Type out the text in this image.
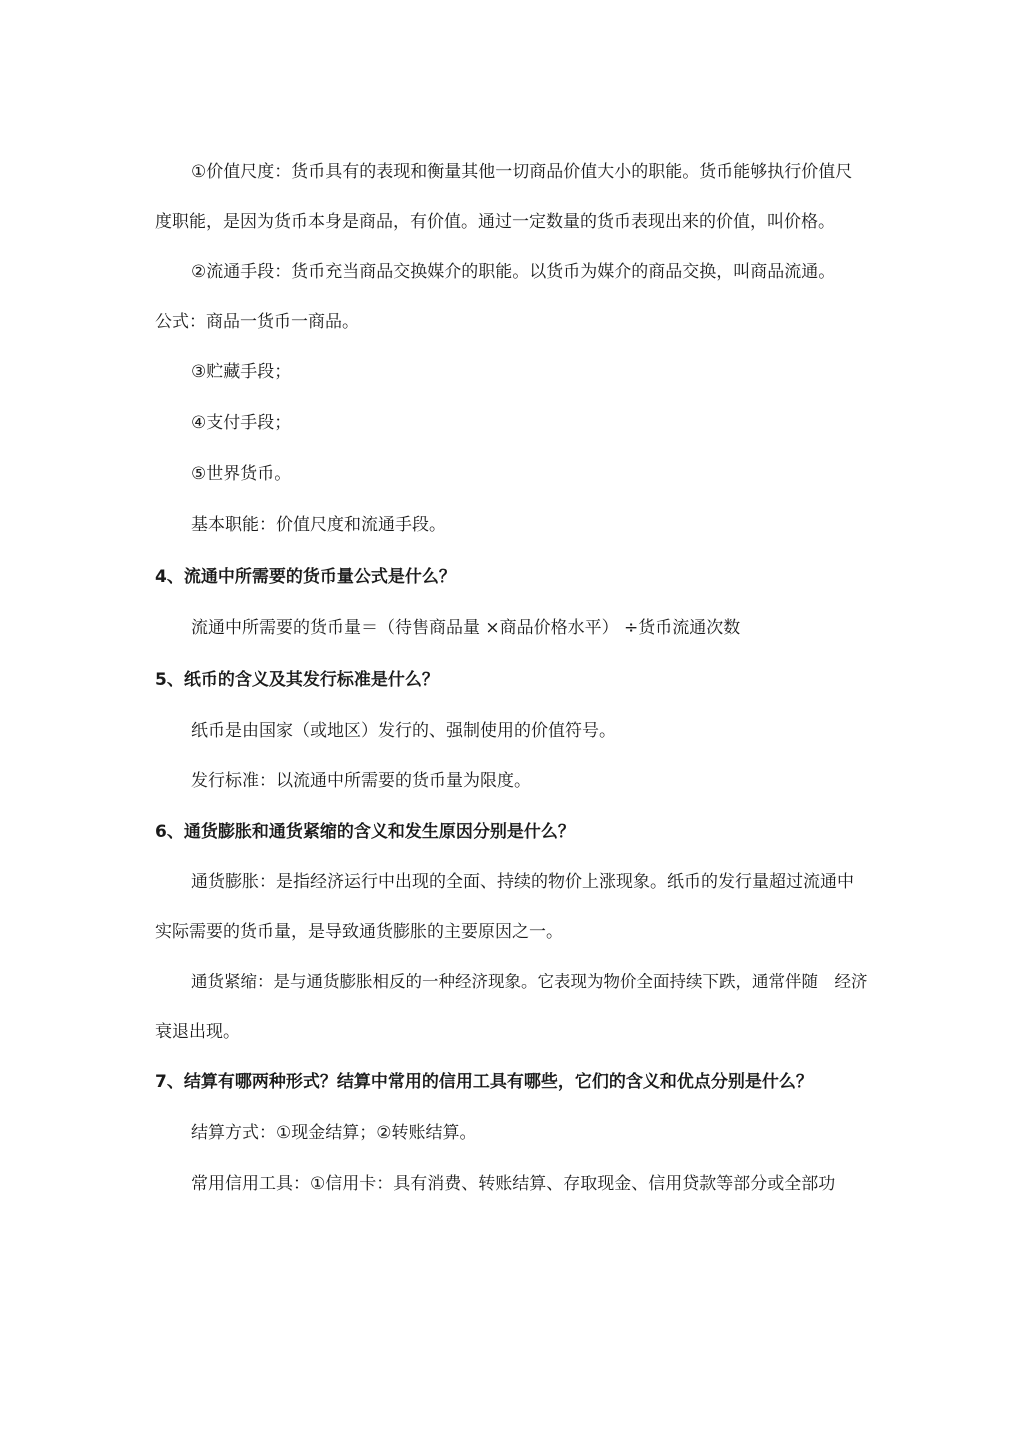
①价值尺度：货币具有的表现和衡量其他一切商品价值大小的职能。货币能够执行价值尺
度职能，是因为货币本身是商品，有价值。通过一定数量的货币表现出来的价值，叫价格。
②流通手段：货币充当商品交换媒介的职能。以货币为媒介的商品交换，叫商品流通。
公式：商品一货币一商品。
③贮藏手段；
④支付手段；
⑤世界货币。
基本职能：价值尺度和流通手段。
4、流通中所需要的货币量公式是什么？
流通中所需要的货币量＝（待售商品量 ×商品价格水平） ÷货币流通次数
5、纸币的含义及其发行标准是什么？
纸币是由国家（或地区）发行的、强制使用的价值符号。
发行标准：以流通中所需要的货币量为限度。
6、通货膨胀和通货紧缩的含义和发生原因分别是什么？
通货膨胀：是指经济运行中出现的全面、持续的物价上涨现象。纸币的发行量超过流通中
实际需要的货币量，是导致通货膨胀的主要原因之一。
通货紧缩：是与通货膨胀相反的一种经济现象。它表现为物价全面持续下跌，通常伴随　经济
衰退出现。
7、结算有哪两种形式？结算中常用的信用工具有哪些，它们的含义和优点分别是什么？
结算方式：①现金结算；②转账结算。
常用信用工具：①信用卡：具有消费、转账结算、存取现金、信用贷款等部分或全部功
